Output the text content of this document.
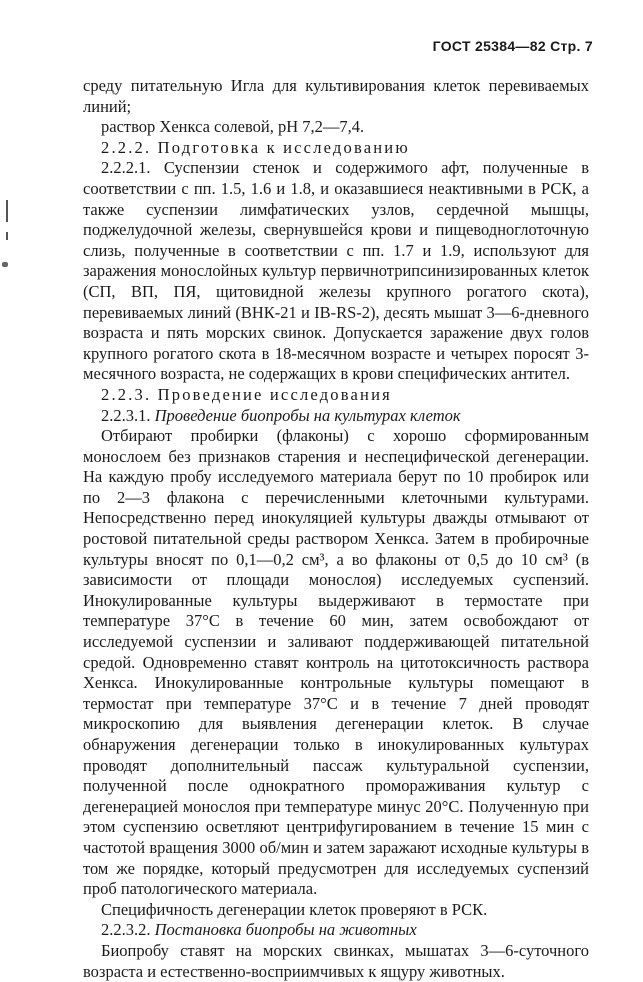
ГОСТ 25384—82 Стр. 7

среду питательную Игла для культивирования клеток перевиваемых линий;

раствор Хенкса солевой, рН 7,2—7,4.

2.2.2. Подготовка к исследованию

2.2.2.1. Суспензии стенок и содержимого афт, полученные в соответствии с пп. 1.5, 1.6 и 1.8, и оказавшиеся неактивными в РСК, а также суспензии лимфатических узлов, сердечной мышцы, поджелудочной железы, свернувшейся крови и пищеводноглоточную слизь, полученные в соответствии с пп. 1.7 и 1.9, используют для заражения монослойных культур первичнотрипсинизированных клеток (СП, ВП, ПЯ, щитовидной железы крупного рогатого скота), перевиваемых линий (ВНК-21 и IB-RS-2), десять мышат 3—6-дневного возраста и пять морских свинок. Допускается заражение двух голов крупного рогатого скота в 18-месячном возрасте и четырех поросят 3-месячного возраста, не содержащих в крови специфических антител.

2.2.3. Проведение исследования

2.2.3.1. Проведение биопробы на культурах клеток

Отбирают пробирки (флаконы) с хорошо сформированным монослоем без признаков старения и неспецифической дегенерации. На каждую пробу исследуемого материала берут по 10 пробирок или по 2—3 флакона с перечисленными клеточными культурами. Непосредственно перед инокуляцией культуры дважды отмывают от ростовой питательной среды раствором Хенкса. Затем в пробирочные культуры вносят по 0,1—0,2 см³, а во флаконы от 0,5 до 10 см³ (в зависимости от площади монослоя) исследуемых суспензий. Инокулированные культуры выдерживают в термостате при температуре 37°С в течение 60 мин, затем освобождают от исследуемой суспензии и заливают поддерживающей питательной средой. Одновременно ставят контроль на цитотоксичность раствора Хенкса. Инокулированные контрольные культуры помещают в термостат при температуре 37°С и в течение 7 дней проводят микроскопию для выявления дегенерации клеток. В случае обнаружения дегенерации только в инокулированных культурах проводят дополнительный пассаж культуральной суспензии, полученной после однократного промораживания культур с дегенерацией монослоя при температуре минус 20°С. Полученную при этом суспензию осветляют центрифугированием в течение 15 мин с частотой вращения 3000 об/мин и затем заражают исходные культуры в том же порядке, который предусмотрен для исследуемых суспензий проб патологического материала.

Специфичность дегенерации клеток проверяют в РСК.

2.2.3.2. Постановка биопробы на животных

Биопробу ставят на морских свинках, мышатах 3—6-суточного возраста и естественно-восприимчивых к ящуру животных.
